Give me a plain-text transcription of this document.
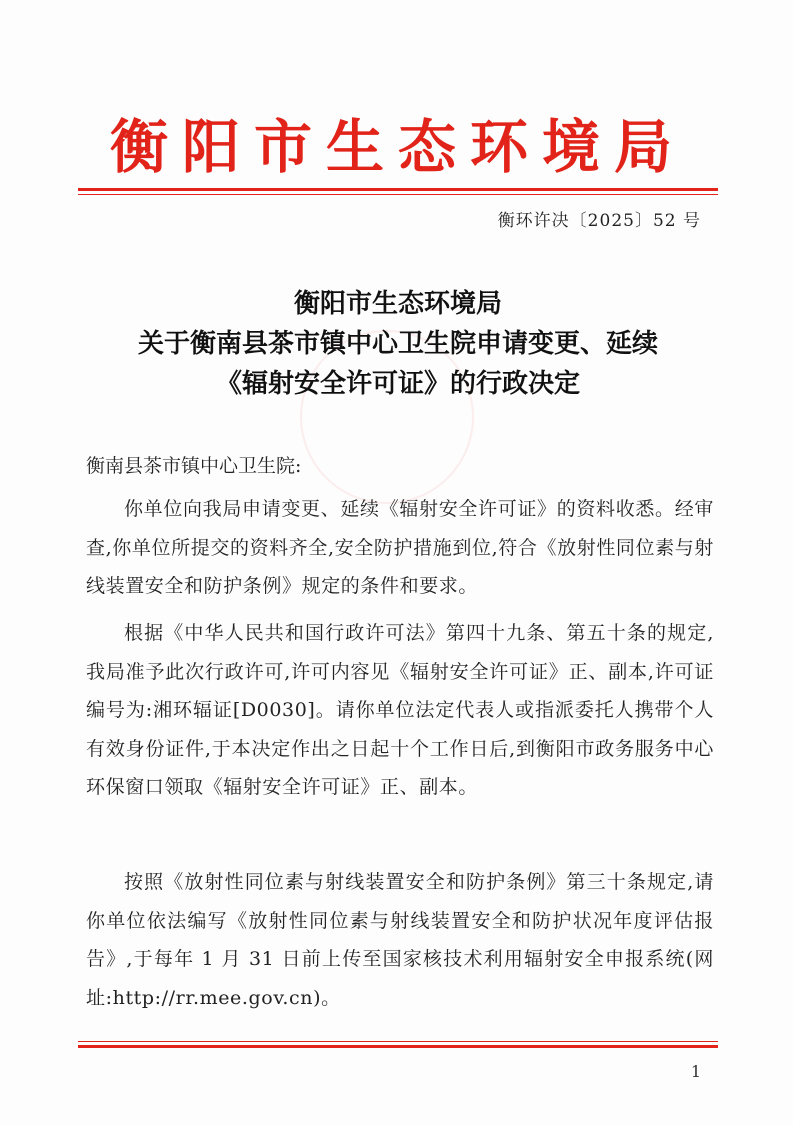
衡阳市生态环境局
衡环许决〔2025〕52 号
衡阳市生态环境局
关于衡南县茶市镇中心卫生院申请变更、延续
《辐射安全许可证》的行政决定
衡南县茶市镇中心卫生院:

你单位向我局申请变更、延续《辐射安全许可证》的资料收悉。经审查,你单位所提交的资料齐全,安全防护措施到位,符合《放射性同位素与射线装置安全和防护条例》规定的条件和要求。

根据《中华人民共和国行政许可法》第四十九条、第五十条的规定,我局准予此次行政许可,许可内容见《辐射安全许可证》正、副本,许可证编号为:湘环辐证[D0030]。请你单位法定代表人或指派委托人携带个人有效身份证件,于本决定作出之日起十个工作日后,到衡阳市政务服务中心环保窗口领取《辐射安全许可证》正、副本。

按照《放射性同位素与射线装置安全和防护条例》第三十条规定,请你单位依法编写《放射性同位素与射线装置安全和防护状况年度评估报告》,于每年 1 月 31 日前上传至国家核技术利用辐射安全申报系统(网址:http://rr.mee.gov.cn)。

1
